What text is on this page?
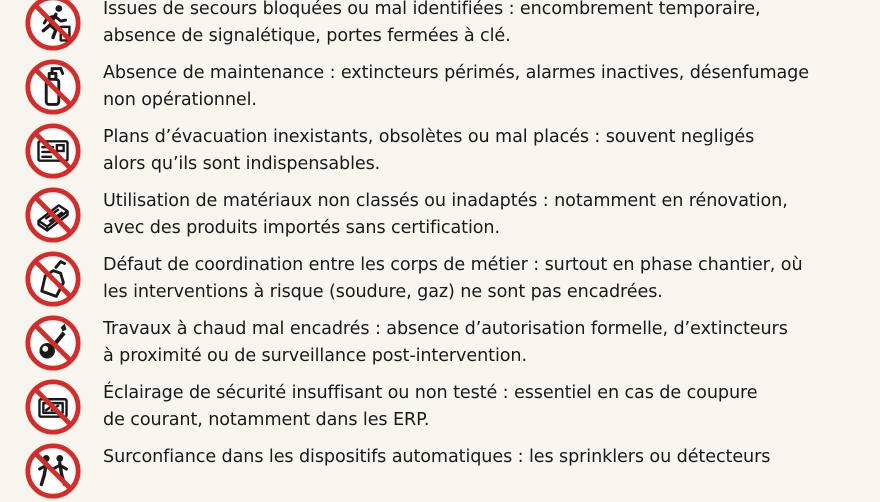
Issues de secours bloquées ou mal identifiées : encombrement temporaire,
absence de signalétique, portes fermées à clé.
Absence de maintenance : extincteurs périmés, alarmes inactives, désenfumage
non opérationnel.
Plans d’évacuation inexistants, obsolètes ou mal placés : souvent negligés
alors qu’ils sont indispensables.
Utilisation de matériaux non classés ou inadaptés : notamment en rénovation,
avec des produits importés sans certification.
Défaut de coordination entre les corps de métier : surtout en phase chantier, où
les interventions à risque (soudure, gaz) ne sont pas encadrées.
Travaux à chaud mal encadrés : absence d’autorisation formelle, d’extincteurs
à proximité ou de surveillance post-intervention.
Éclairage de sécurité insuffisant ou non testé : essentiel en cas de coupure
de courant, notamment dans les ERP.
Surconfiance dans les dispositifs automatiques : les sprinklers ou détecteurs
